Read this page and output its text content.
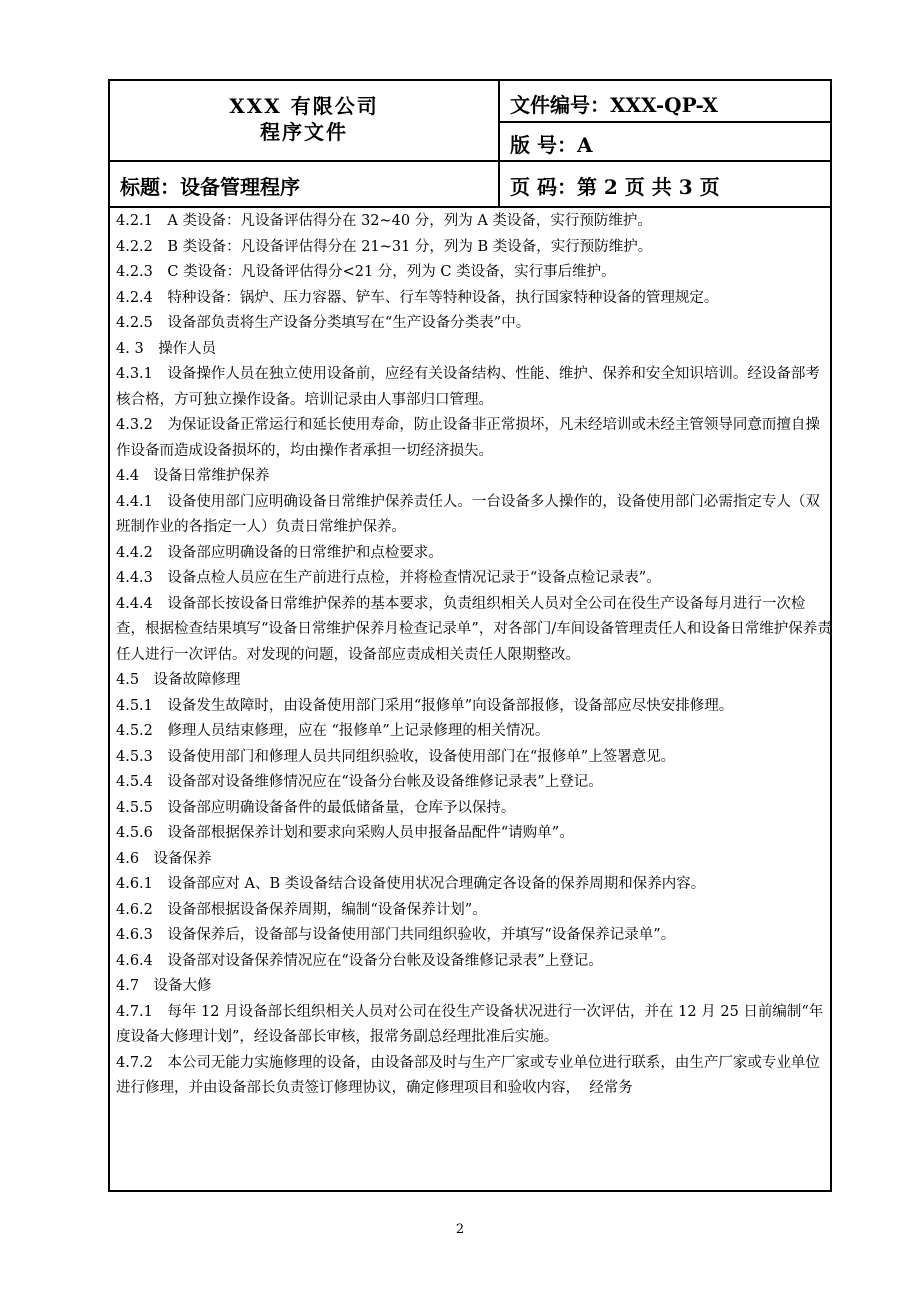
XXX 有限公司
程序文件
文件编号：XXX-QP-X
版 号：A
标题：设备管理程序	页 码：第 2 页 共 3 页

4.2.1　A 类设备：凡设备评估得分在 32~40 分，列为 A 类设备，实行预防维护。

4.2.2　B 类设备：凡设备评估得分在 21~31 分，列为 B 类设备，实行预防维护。

4.2.3　C 类设备：凡设备评估得分<21 分，列为 C 类设备，实行事后维护。

4.2.4　特种设备：锅炉、压力容器、铲车、行车等特种设备，执行国家特种设备的管理规定。

4.2.5　设备部负责将生产设备分类填写在“生产设备分类表”中。

4. 3　操作人员

4.3.1　设备操作人员在独立使用设备前，应经有关设备结构、性能、维护、保养和安全知识培训。经设备部考核合格，方可独立操作设备。培训记录由人事部归口管理。

4.3.2　为保证设备正常运行和延长使用寿命，防止设备非正常损坏，凡未经培训或未经主管领导同意而擅自操作设备而造成设备损坏的，均由操作者承担一切经济损失。

4.4　设备日常维护保养

4.4.1　设备使用部门应明确设备日常维护保养责任人。一台设备多人操作的，设备使用部门必需指定专人（双班制作业的各指定一人）负责日常维护保养。

4.4.2　设备部应明确设备的日常维护和点检要求。

4.4.3　设备点检人员应在生产前进行点检，并将检查情况记录于“设备点检记录表”。

4.4.4　设备部长按设备日常维护保养的基本要求，负责组织相关人员对全公司在役生产设备每月进行一次检查，根据检查结果填写“设备日常维护保养月检查记录单”，对各部门/车间设备管理责任人和设备日常维护保养责任人进行一次评估。对发现的问题，设备部应责成相关责任人限期整改。

4.5　设备故障修理

4.5.1　设备发生故障时，由设备使用部门采用“报修单”向设备部报修，设备部应尽快安排修理。

4.5.2　修理人员结束修理，应在 “报修单”上记录修理的相关情况。

4.5.3　设备使用部门和修理人员共同组织验收，设备使用部门在“报修单”上签署意见。

4.5.4　设备部对设备维修情况应在“设备分台帐及设备维修记录表”上登记。

4.5.5　设备部应明确设备备件的最低储备量，仓库予以保持。

4.5.6　设备部根据保养计划和要求向采购人员申报备品配件“请购单”。

4.6　设备保养

4.6.1　设备部应对 A、B 类设备结合设备使用状况合理确定各设备的保养周期和保养内容。

4.6.2　设备部根据设备保养周期，编制“设备保养计划”。

4.6.3　设备保养后，设备部与设备使用部门共同组织验收，并填写“设备保养记录单”。

4.6.4　设备部对设备保养情况应在“设备分台帐及设备维修记录表”上登记。

4.7　设备大修

4.7.1　每年 12 月设备部长组织相关人员对公司在役生产设备状况进行一次评估，并在 12 月 25 日前编制“年度设备大修理计划”，经设备部长审核，报常务副总经理批准后实施。

4.7.2　本公司无能力实施修理的设备，由设备部及时与生产厂家或专业单位进行联系，由生产厂家或专业单位进行修理，并由设备部长负责签订修理协议，确定修理项目和验收内容，  经常务

2
